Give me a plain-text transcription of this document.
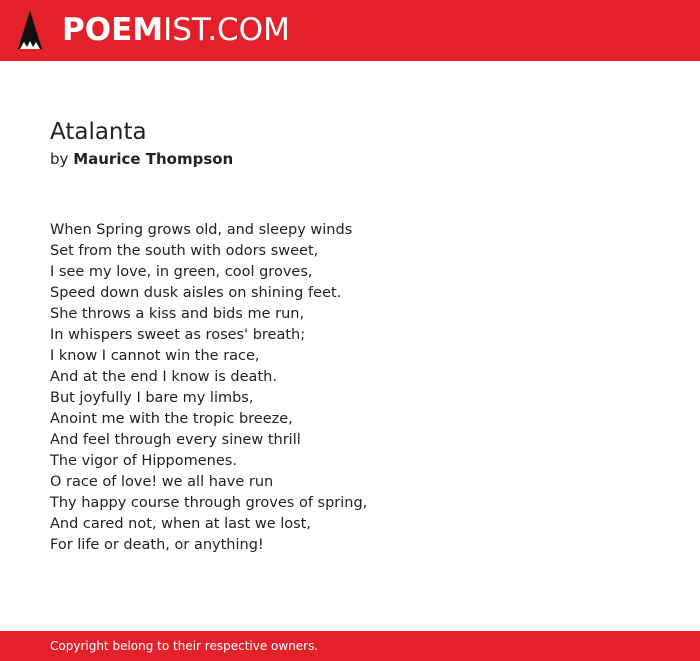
POEMIST.COM
Atalanta
by Maurice Thompson
When Spring grows old, and sleepy winds
Set from the south with odors sweet,
I see my love, in green, cool groves,
Speed down dusk aisles on shining feet.
She throws a kiss and bids me run,
In whispers sweet as roses' breath;
I know I cannot win the race,
And at the end I know is death.
But joyfully I bare my limbs,
Anoint me with the tropic breeze,
And feel through every sinew thrill
The vigor of Hippomenes.
O race of love! we all have run
Thy happy course through groves of spring,
And cared not, when at last we lost,
For life or death, or anything!
Copyright belong to their respective owners.
